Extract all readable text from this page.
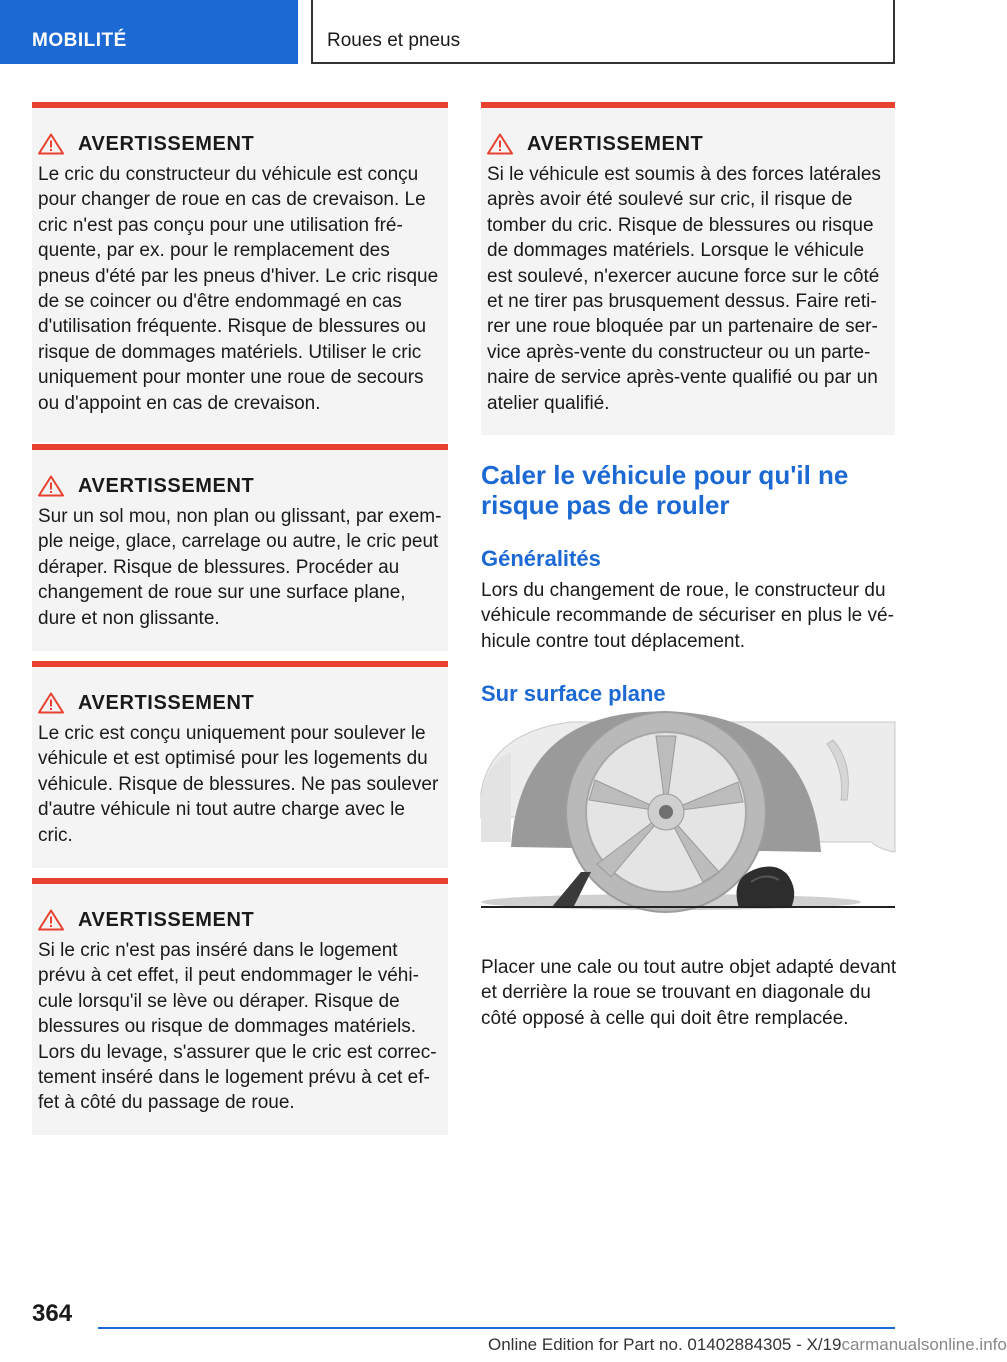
MOBILITÉ	Roues et pneus
AVERTISSEMENT

Le cric du constructeur du véhicule est conçu
pour changer de roue en cas de crevaison. Le
cric n'est pas conçu pour une utilisation fré-
quente, par ex. pour le remplacement des
pneus d'été par les pneus d'hiver. Le cric risque
de se coincer ou d'être endommagé en cas
d'utilisation fréquente. Risque de blessures ou
risque de dommages matériels. Utiliser le cric
uniquement pour monter une roue de secours
ou d'appoint en cas de crevaison.

AVERTISSEMENT

Sur un sol mou, non plan ou glissant, par exem-
ple neige, glace, carrelage ou autre, le cric peut
déraper. Risque de blessures. Procéder au
changement de roue sur une surface plane,
dure et non glissante.

AVERTISSEMENT

Le cric est conçu uniquement pour soulever le
véhicule et est optimisé pour les logements du
véhicule. Risque de blessures. Ne pas soulever
d'autre véhicule ni tout autre charge avec le
cric.

AVERTISSEMENT

Si le cric n'est pas inséré dans le logement
prévu à cet effet, il peut endommager le véhi-
cule lorsqu'il se lève ou déraper. Risque de
blessures ou risque de dommages matériels.
Lors du levage, s'assurer que le cric est correc-
tement inséré dans le logement prévu à cet ef-
fet à côté du passage de roue.

AVERTISSEMENT

Si le véhicule est soumis à des forces latérales
après avoir été soulevé sur cric, il risque de
tomber du cric. Risque de blessures ou risque
de dommages matériels. Lorsque le véhicule
est soulevé, n'exercer aucune force sur le côté
et ne tirer pas brusquement dessus. Faire reti-
rer une roue bloquée par un partenaire de ser-
vice après-vente du constructeur ou un parte-
naire de service après-vente qualifié ou par un
atelier qualifié.

Caler le véhicule pour qu'il ne risque pas de rouler
Généralités

Lors du changement de roue, le constructeur du
véhicule recommande de sécuriser en plus le vé-
hicule contre tout déplacement.

Sur surface plane

Placer une cale ou tout autre objet adapté devant
et derrière la roue se trouvant en diagonale du
côté opposé à celle qui doit être remplacée.

364
Online Edition for Part no. 01402884305 - X/19carmanualsonline.info
